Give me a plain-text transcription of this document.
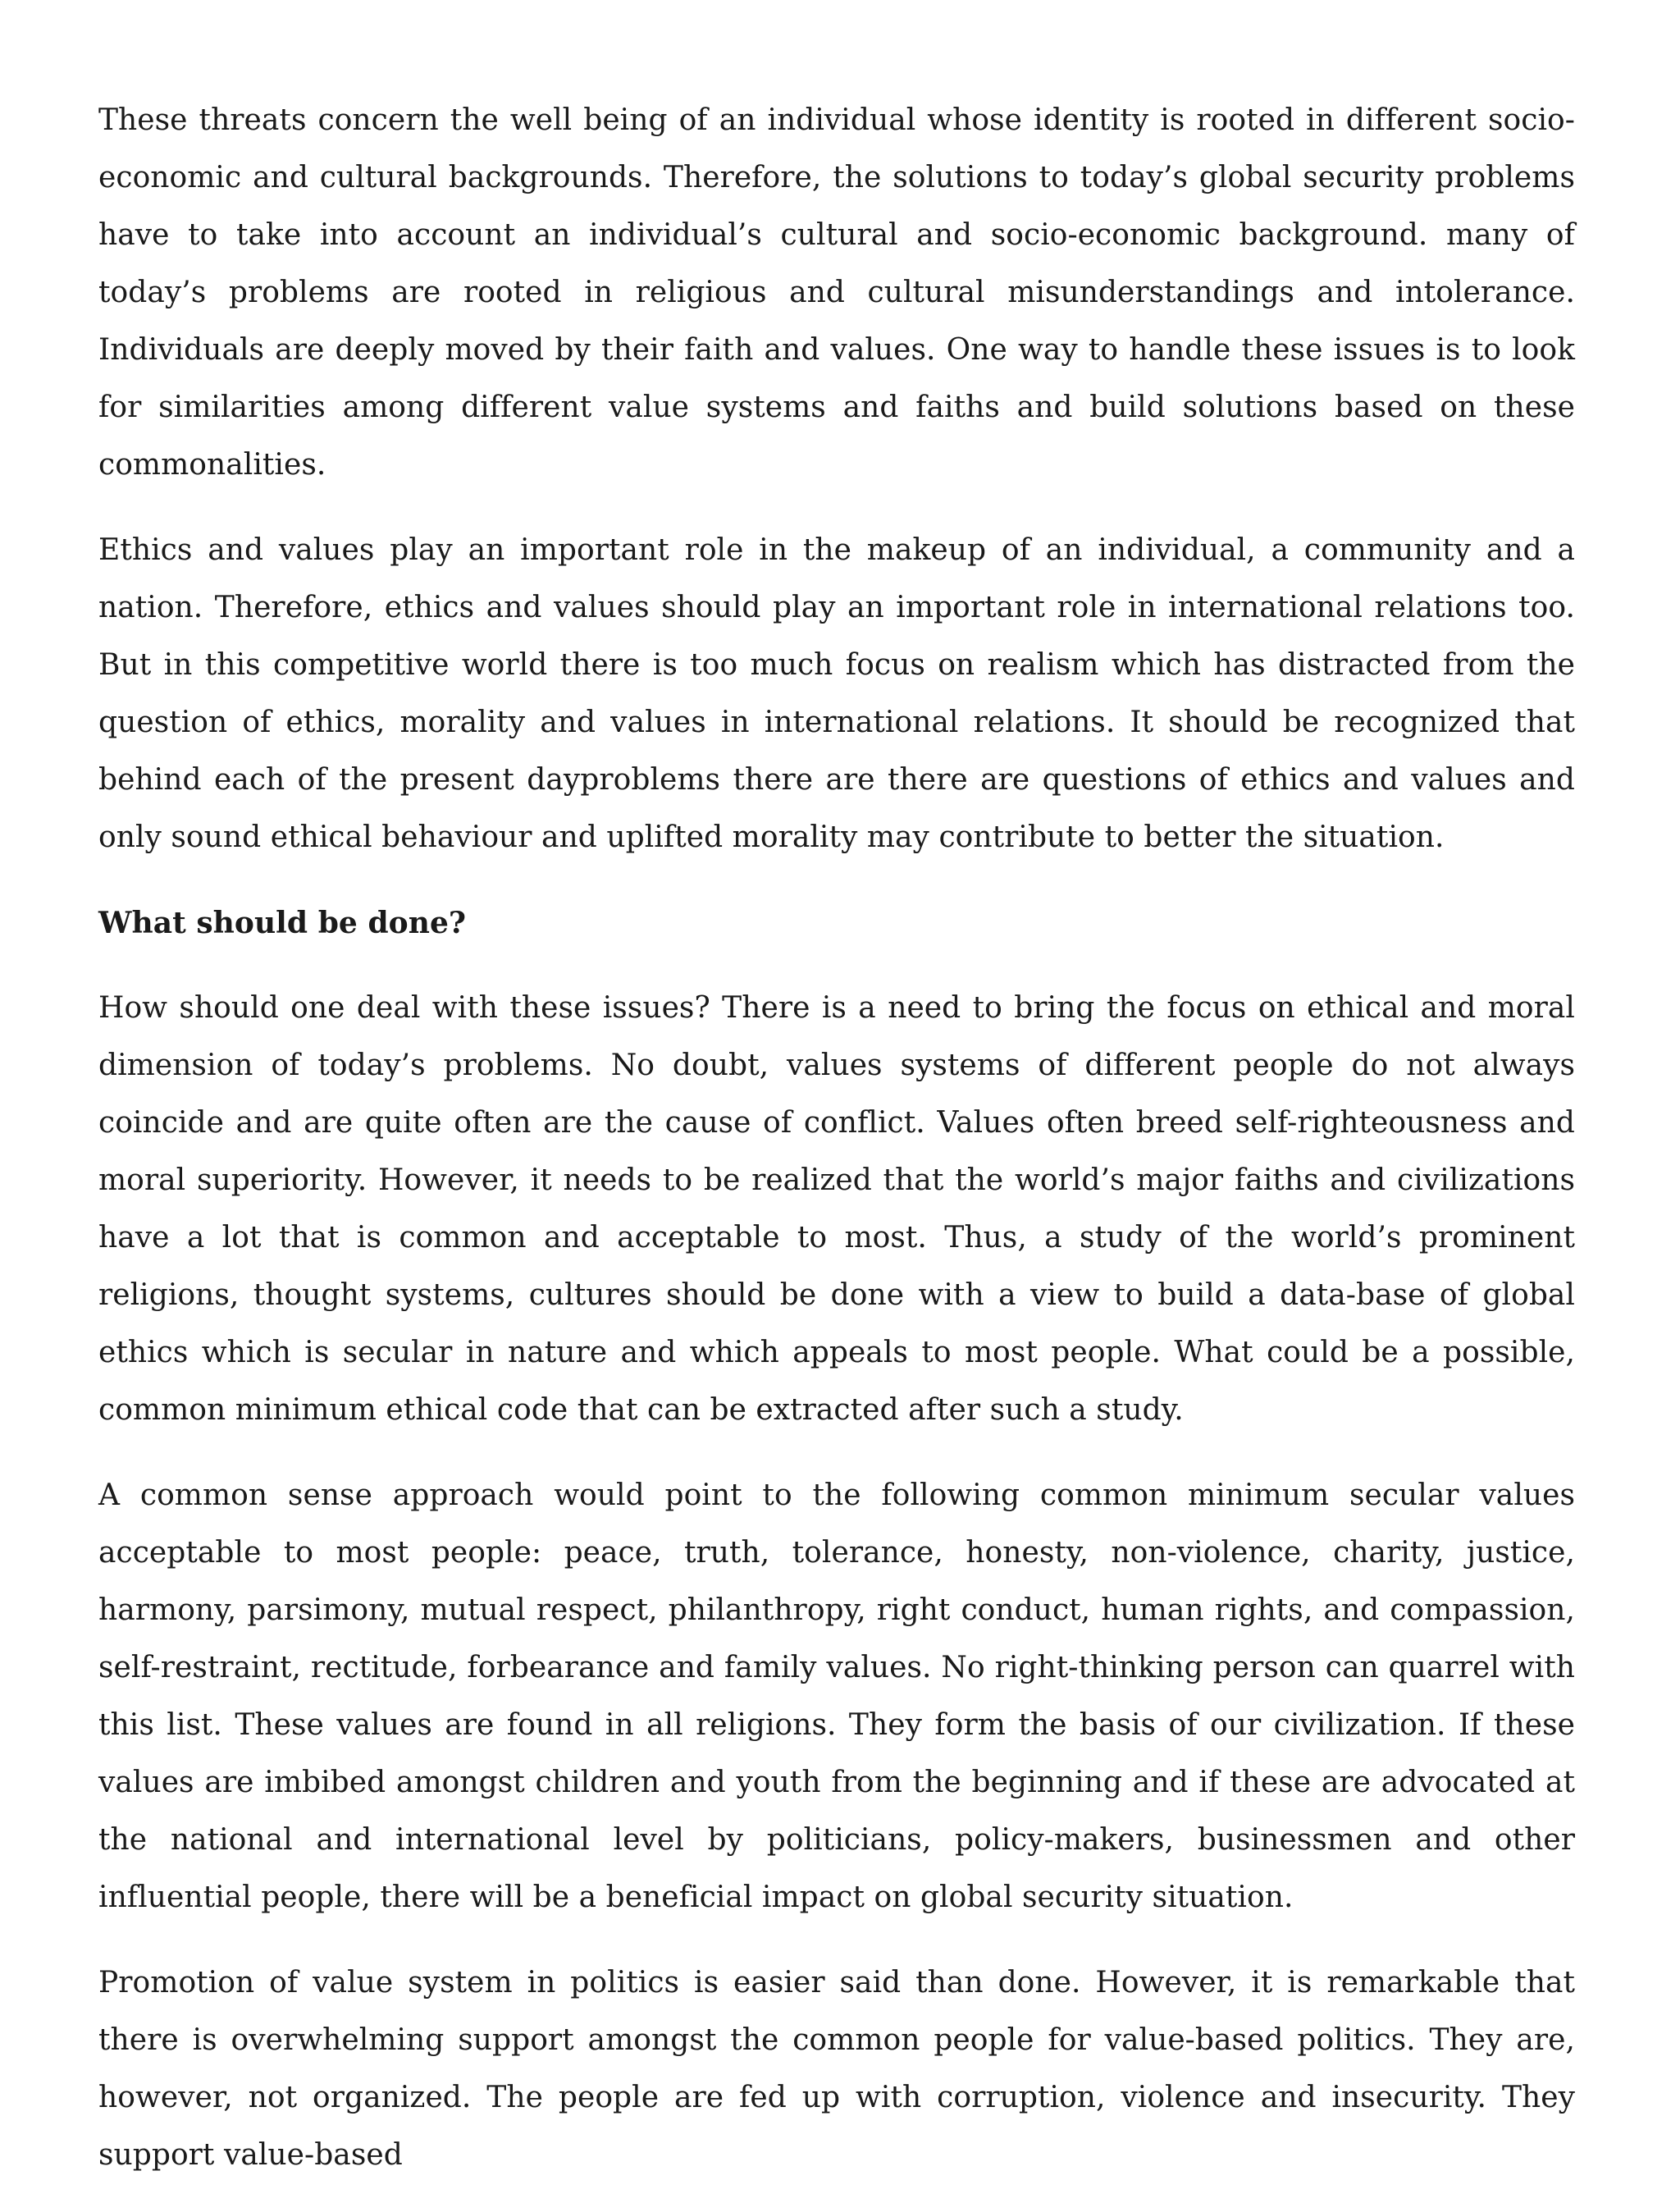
These threats concern the well being of an individual whose identity is rooted in different socio-economic and cultural backgrounds. Therefore, the solutions to today’s global security problems have to take into account an individual’s cultural and socio-economic background. many of today’s problems are rooted in religious and cultural misunderstandings and intolerance. Individuals are deeply moved by their faith and values. One way to handle these issues is to look for similarities among different value systems and faiths and build solutions based on these commonalities.

Ethics and values play an important role in the makeup of an individual, a community and a nation. Therefore, ethics and values should play an important role in international relations too. But in this competitive world there is too much focus on realism which has distracted from the question of ethics, morality and values in international relations. It should be recognized that behind each of the present dayproblems there are there are questions of ethics and values and only sound ethical behaviour and uplifted morality may contribute to better the situation.

What should be done?

How should one deal with these issues? There is a need to bring the focus on ethical and moral dimension of today’s problems. No doubt, values systems of different people do not always coincide and are quite often are the cause of conflict. Values often breed self-righteousness and moral superiority. However, it needs to be realized that the world’s major faiths and civilizations have a lot that is common and acceptable to most. Thus, a study of the world’s prominent religions, thought systems, cultures should be done with a view to build a data-base of global ethics which is secular in nature and which appeals to most people. What could be a possible, common minimum ethical code that can be extracted after such a study.

A common sense approach would point to the following common minimum secular values acceptable to most people: peace, truth, tolerance, honesty, non-violence, charity, justice, harmony, parsimony, mutual respect, philanthropy, right conduct, human rights, and compassion, self-restraint, rectitude, forbearance and family values. No right-thinking person can quarrel with this list. These values are found in all religions. They form the basis of our civilization. If these values are imbibed amongst children and youth from the beginning and if these are advocated at the national and international level by politicians, policy-makers, businessmen and other influential people, there will be a beneficial impact on global security situation.

Promotion of value system in politics is easier said than done. However, it is remarkable that there is overwhelming support amongst the common people for value-based politics. They are, however, not organized. The people are fed up with corruption, violence and insecurity. They support value-based
